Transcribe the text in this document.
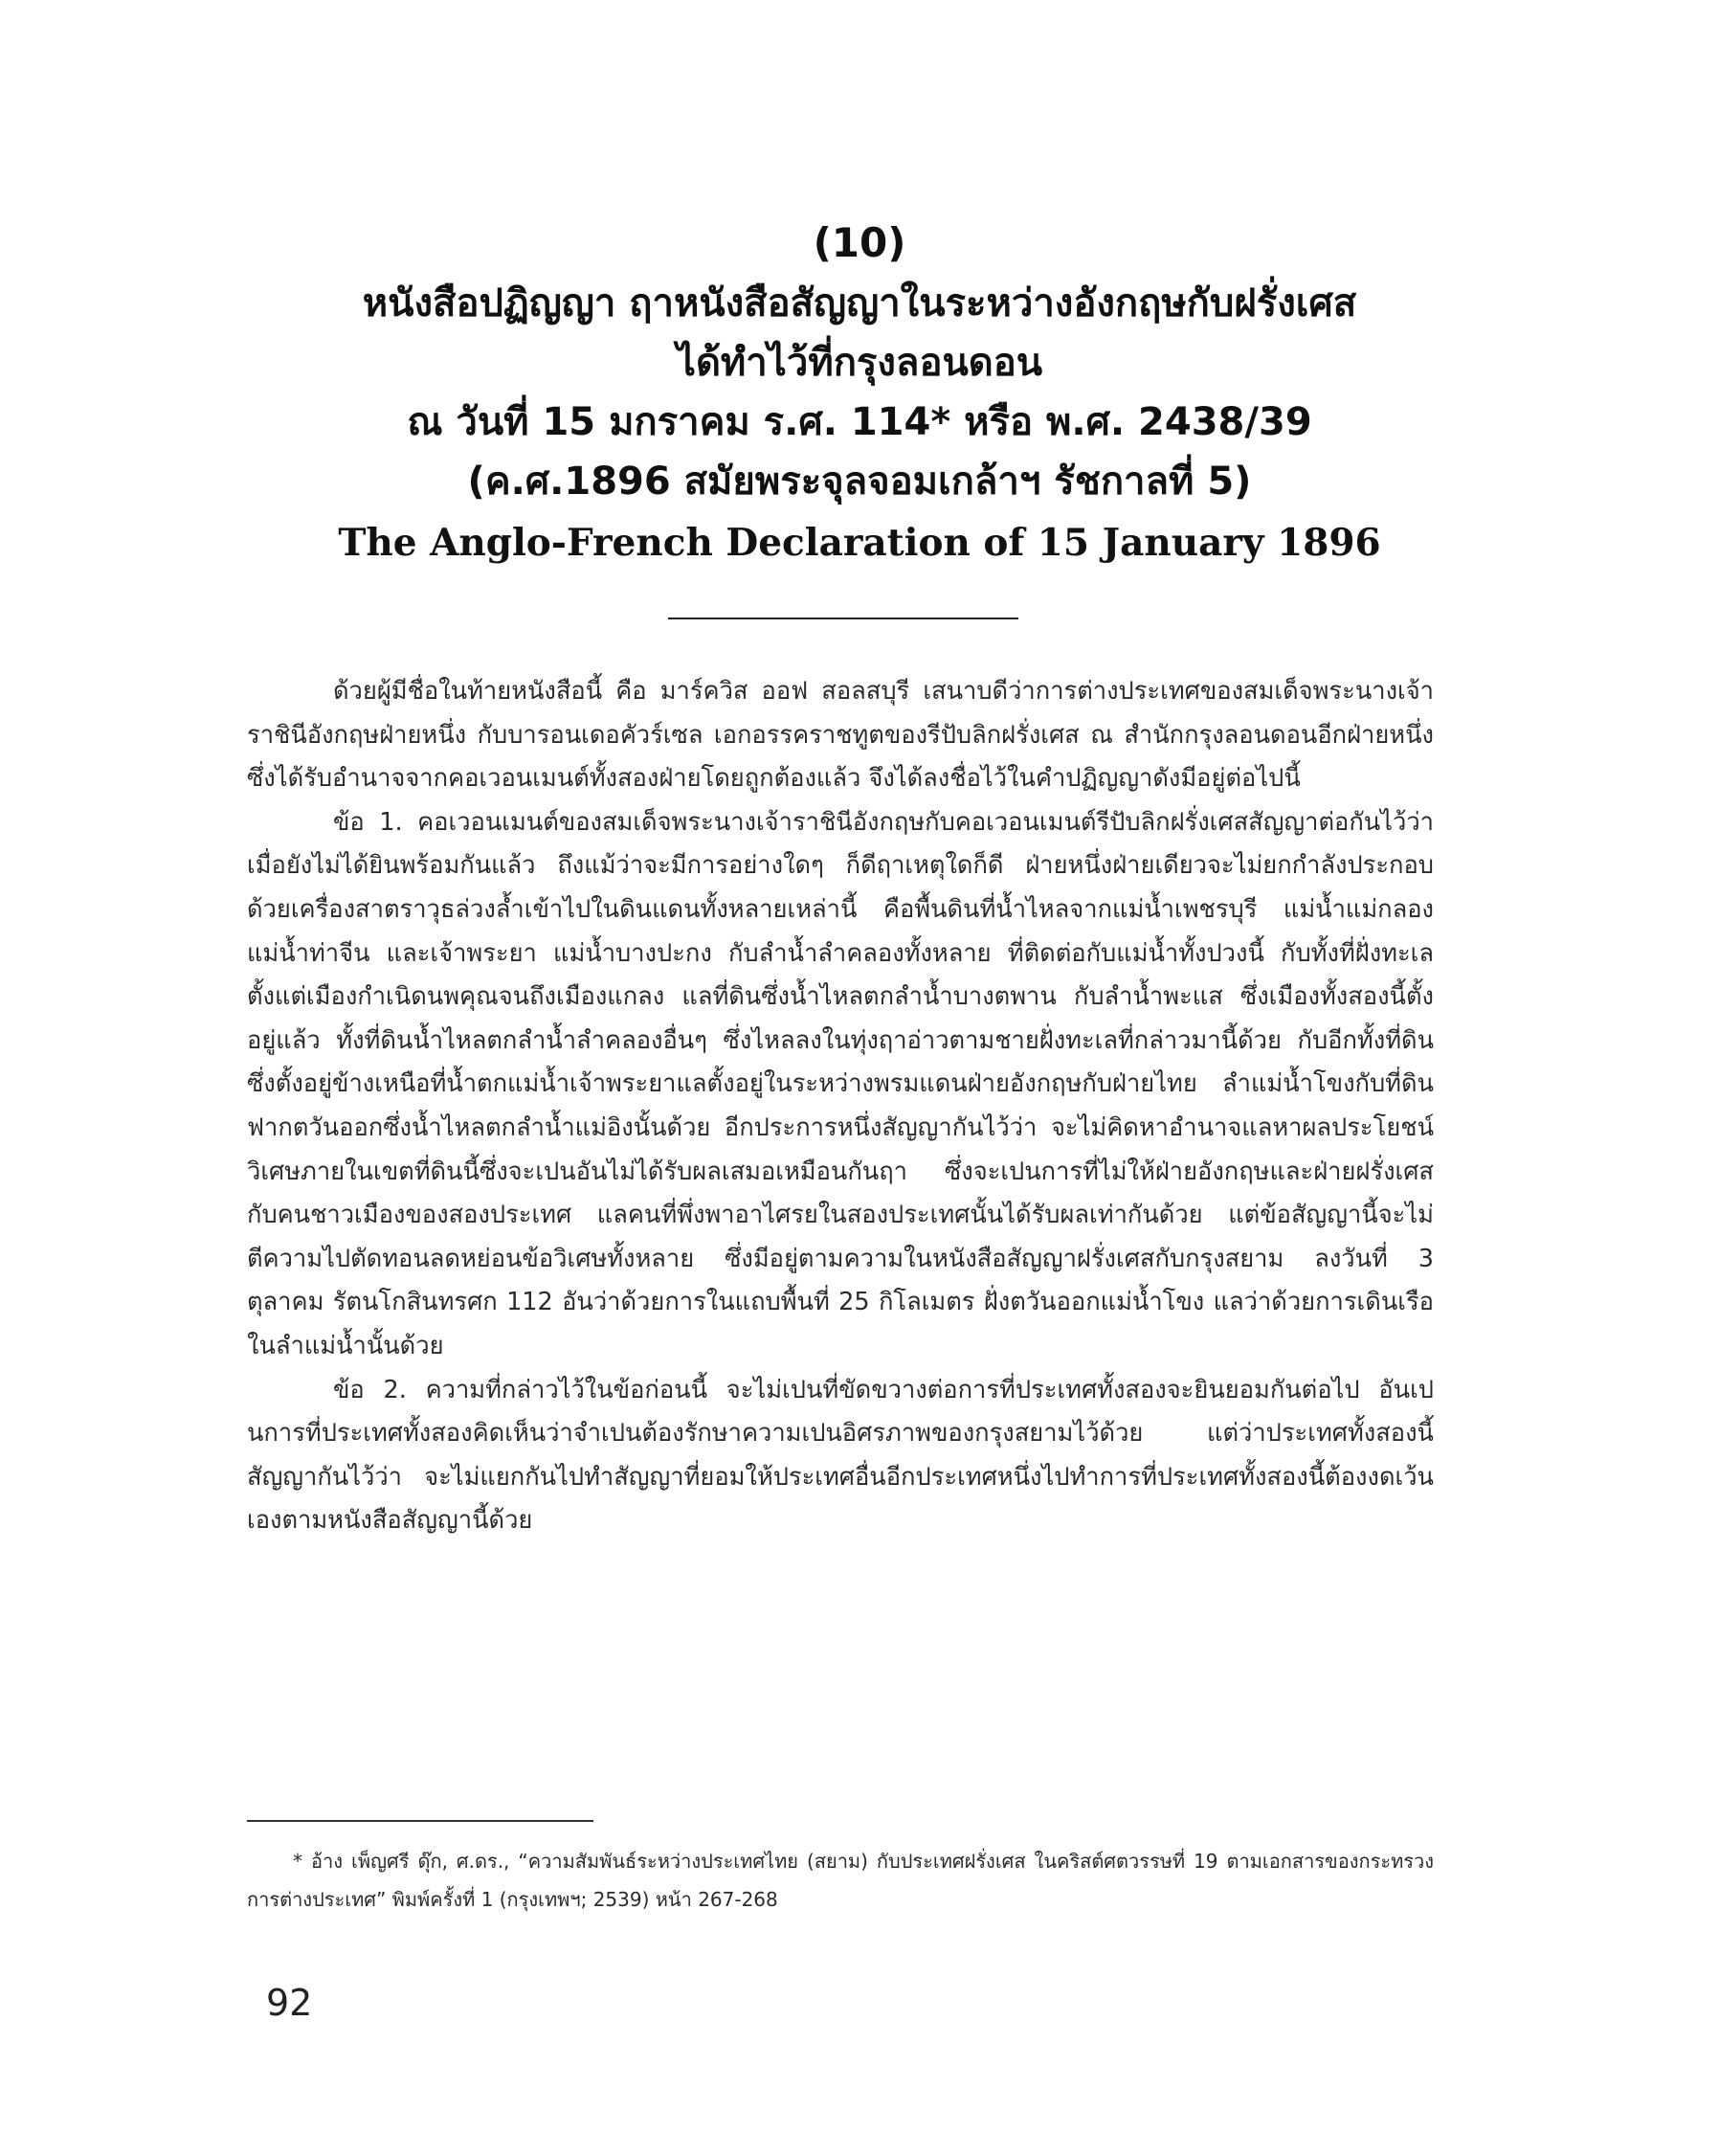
(10)
หนังสือปฏิญญา ฤาหนังสือสัญญาในระหว่างอังกฤษกับฝรั่งเศส
ได้ทำไว้ที่กรุงลอนดอน
ณ วันที่ 15 มกราคม ร.ศ. 114* หรือ พ.ศ. 2438/39
(ค.ศ.1896 สมัยพระจุลจอมเกล้าฯ รัชกาลที่ 5)
The Anglo-French Declaration of 15 January 1896

ด้วยผู้มีชื่อในท้ายหนังสือนี้ คือ มาร์ควิส ออฟ สอลสบุรี เสนาบดีว่าการต่างประเทศของสมเด็จพระนางเจ้าราชินีอังกฤษฝ่ายหนึ่ง กับบารอนเดอคัวร์เซล เอกอรรคราชทูตของรีปับลิกฝรั่งเศส ณ สำนักกรุงลอนดอนอีกฝ่ายหนึ่ง ซึ่งได้รับอำนาจจากคอเวอนเมนต์ทั้งสองฝ่ายโดยถูกต้องแล้ว จึงได้ลงชื่อไว้ในคำปฏิญญาดังมีอยู่ต่อไปนี้

ข้อ 1. คอเวอนเมนต์ของสมเด็จพระนางเจ้าราชินีอังกฤษกับคอเวอนเมนต์รีปับลิกฝรั่งเศสสัญญาต่อกันไว้ว่า เมื่อยังไม่ได้ยินพร้อมกันแล้ว ถึงแม้ว่าจะมีการอย่างใดๆ ก็ดีฤาเหตุใดก็ดี ฝ่ายหนึ่งฝ่ายเดียวจะไม่ยกกำลังประกอบด้วยเครื่องสาตราวุธล่วงล้ำเข้าไปในดินแดนทั้งหลายเหล่านี้ คือพื้นดินที่น้ำไหลจากแม่น้ำเพชรบุรี แม่น้ำแม่กลอง แม่น้ำท่าจีน และเจ้าพระยา แม่น้ำบางปะกง กับลำน้ำลำคลองทั้งหลาย ที่ติดต่อกับแม่น้ำทั้งปวงนี้ กับทั้งที่ฝั่งทะเลตั้งแต่เมืองกำเนิดนพคุณจนถึงเมืองแกลง แลที่ดินซึ่งน้ำไหลตกลำน้ำบางตพาน กับลำน้ำพะแส ซึ่งเมืองทั้งสองนี้ตั้งอยู่แล้ว ทั้งที่ดินน้ำไหลตกลำน้ำลำคลองอื่นๆ ซึ่งไหลลงในทุ่งฤาอ่าวตามชายฝั่งทะเลที่กล่าวมานี้ด้วย กับอีกทั้งที่ดินซึ่งตั้งอยู่ข้างเหนือที่น้ำตกแม่น้ำเจ้าพระยาแลตั้งอยู่ในระหว่างพรมแดนฝ่ายอังกฤษกับฝ่ายไทย ลำแม่น้ำโขงกับที่ดินฟากตวันออกซึ่งน้ำไหลตกลำน้ำแม่อิงนั้นด้วย อีกประการหนึ่งสัญญากันไว้ว่า จะไม่คิดหาอำนาจแลหาผลประโยชน์วิเศษภายในเขตที่ดินนี้ซึ่งจะเปนอันไม่ได้รับผลเสมอเหมือนกันฤา ซึ่งจะเปนการที่ไม่ให้ฝ่ายอังกฤษและฝ่ายฝรั่งเศสกับคนชาวเมืองของสองประเทศ แลคนที่พึ่งพาอาไศรยในสองประเทศนั้นได้รับผลเท่ากันด้วย แต่ข้อสัญญานี้จะไม่ตีความไปตัดทอนลดหย่อนข้อวิเศษทั้งหลาย ซึ่งมีอยู่ตามความในหนังสือสัญญาฝรั่งเศสกับกรุงสยาม ลงวันที่ 3 ตุลาคม รัตนโกสินทรศก 112 อันว่าด้วยการในแถบพื้นที่ 25 กิโลเมตร ฝั่งตวันออกแม่น้ำโขง แลว่าด้วยการเดินเรือในลำแม่น้ำนั้นด้วย

ข้อ 2. ความที่กล่าวไว้ในข้อก่อนนี้ จะไม่เปนที่ขัดขวางต่อการที่ประเทศทั้งสองจะยินยอมกันต่อไป อันเปนการที่ประเทศทั้งสองคิดเห็นว่าจำเปนต้องรักษาความเปนอิศรภาพของกรุงสยามไว้ด้วย แต่ว่าประเทศทั้งสองนี้สัญญากันไว้ว่า จะไม่แยกกันไปทำสัญญาที่ยอมให้ประเทศอื่นอีกประเทศหนึ่งไปทำการที่ประเทศทั้งสองนี้ต้องงดเว้นเองตามหนังสือสัญญานี้ด้วย

* อ้าง เพ็ญศรี ดุ๊ก, ศ.ดร., “ความสัมพันธ์ระหว่างประเทศไทย (สยาม) กับประเทศฝรั่งเศส ในคริสต์ศตวรรษที่ 19 ตามเอกสารของกระทรวงการต่างประเทศ” พิมพ์ครั้งที่ 1 (กรุงเทพฯ; 2539) หน้า 267-268

92
